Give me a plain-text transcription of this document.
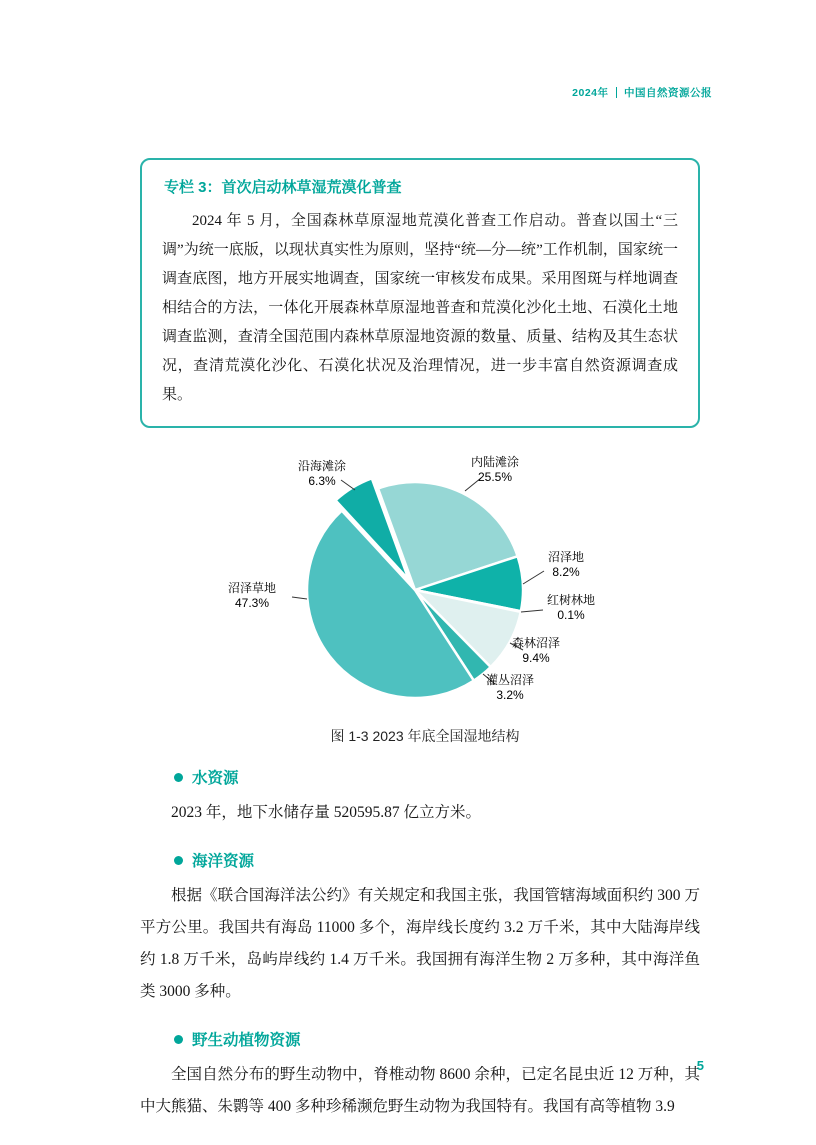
2024年 中国自然资源公报
专栏 3：首次启动林草湿荒漠化普查
2024 年 5 月，全国森林草原湿地荒漠化普查工作启动。普查以国土“三调”为统一底版，以现状真实性为原则，坚持“统—分—统”工作机制，国家统一调查底图，地方开展实地调查，国家统一审核发布成果。采用图斑与样地调查相结合的方法，一体化开展森林草原湿地普查和荒漠化沙化土地、石漠化土地调查监测，查清全国范围内森林草原湿地资源的数量、质量、结构及其生态状况，查清荒漠化沙化、石漠化状况及治理情况，进一步丰富自然资源调查成果。
沿海滩涂
6.3%
内陆滩涂
25.5%
沼泽地
8.2%
红树林地
0.1%
森林沼泽
9.4%
灌丛沼泽
3.2%
沼泽草地
47.3%
图 1-3 2023 年底全国湿地结构
水资源

2023 年，地下水储存量 520595.87 亿立方米。

海洋资源

根据《联合国海洋法公约》有关规定和我国主张，我国管辖海域面积约 300 万平方公里。我国共有海岛 11000 多个，海岸线长度约 3.2 万千米，其中大陆海岸线约 1.8 万千米，岛屿岸线约 1.4 万千米。我国拥有海洋生物 2 万多种，其中海洋鱼类 3000 多种。

野生动植物资源

全国自然分布的野生动物中，脊椎动物 8600 余种，已定名昆虫近 12 万种，其中大熊猫、朱鹮等 400 多种珍稀濒危野生动物为我国特有。我国有高等植物 3.9

5
